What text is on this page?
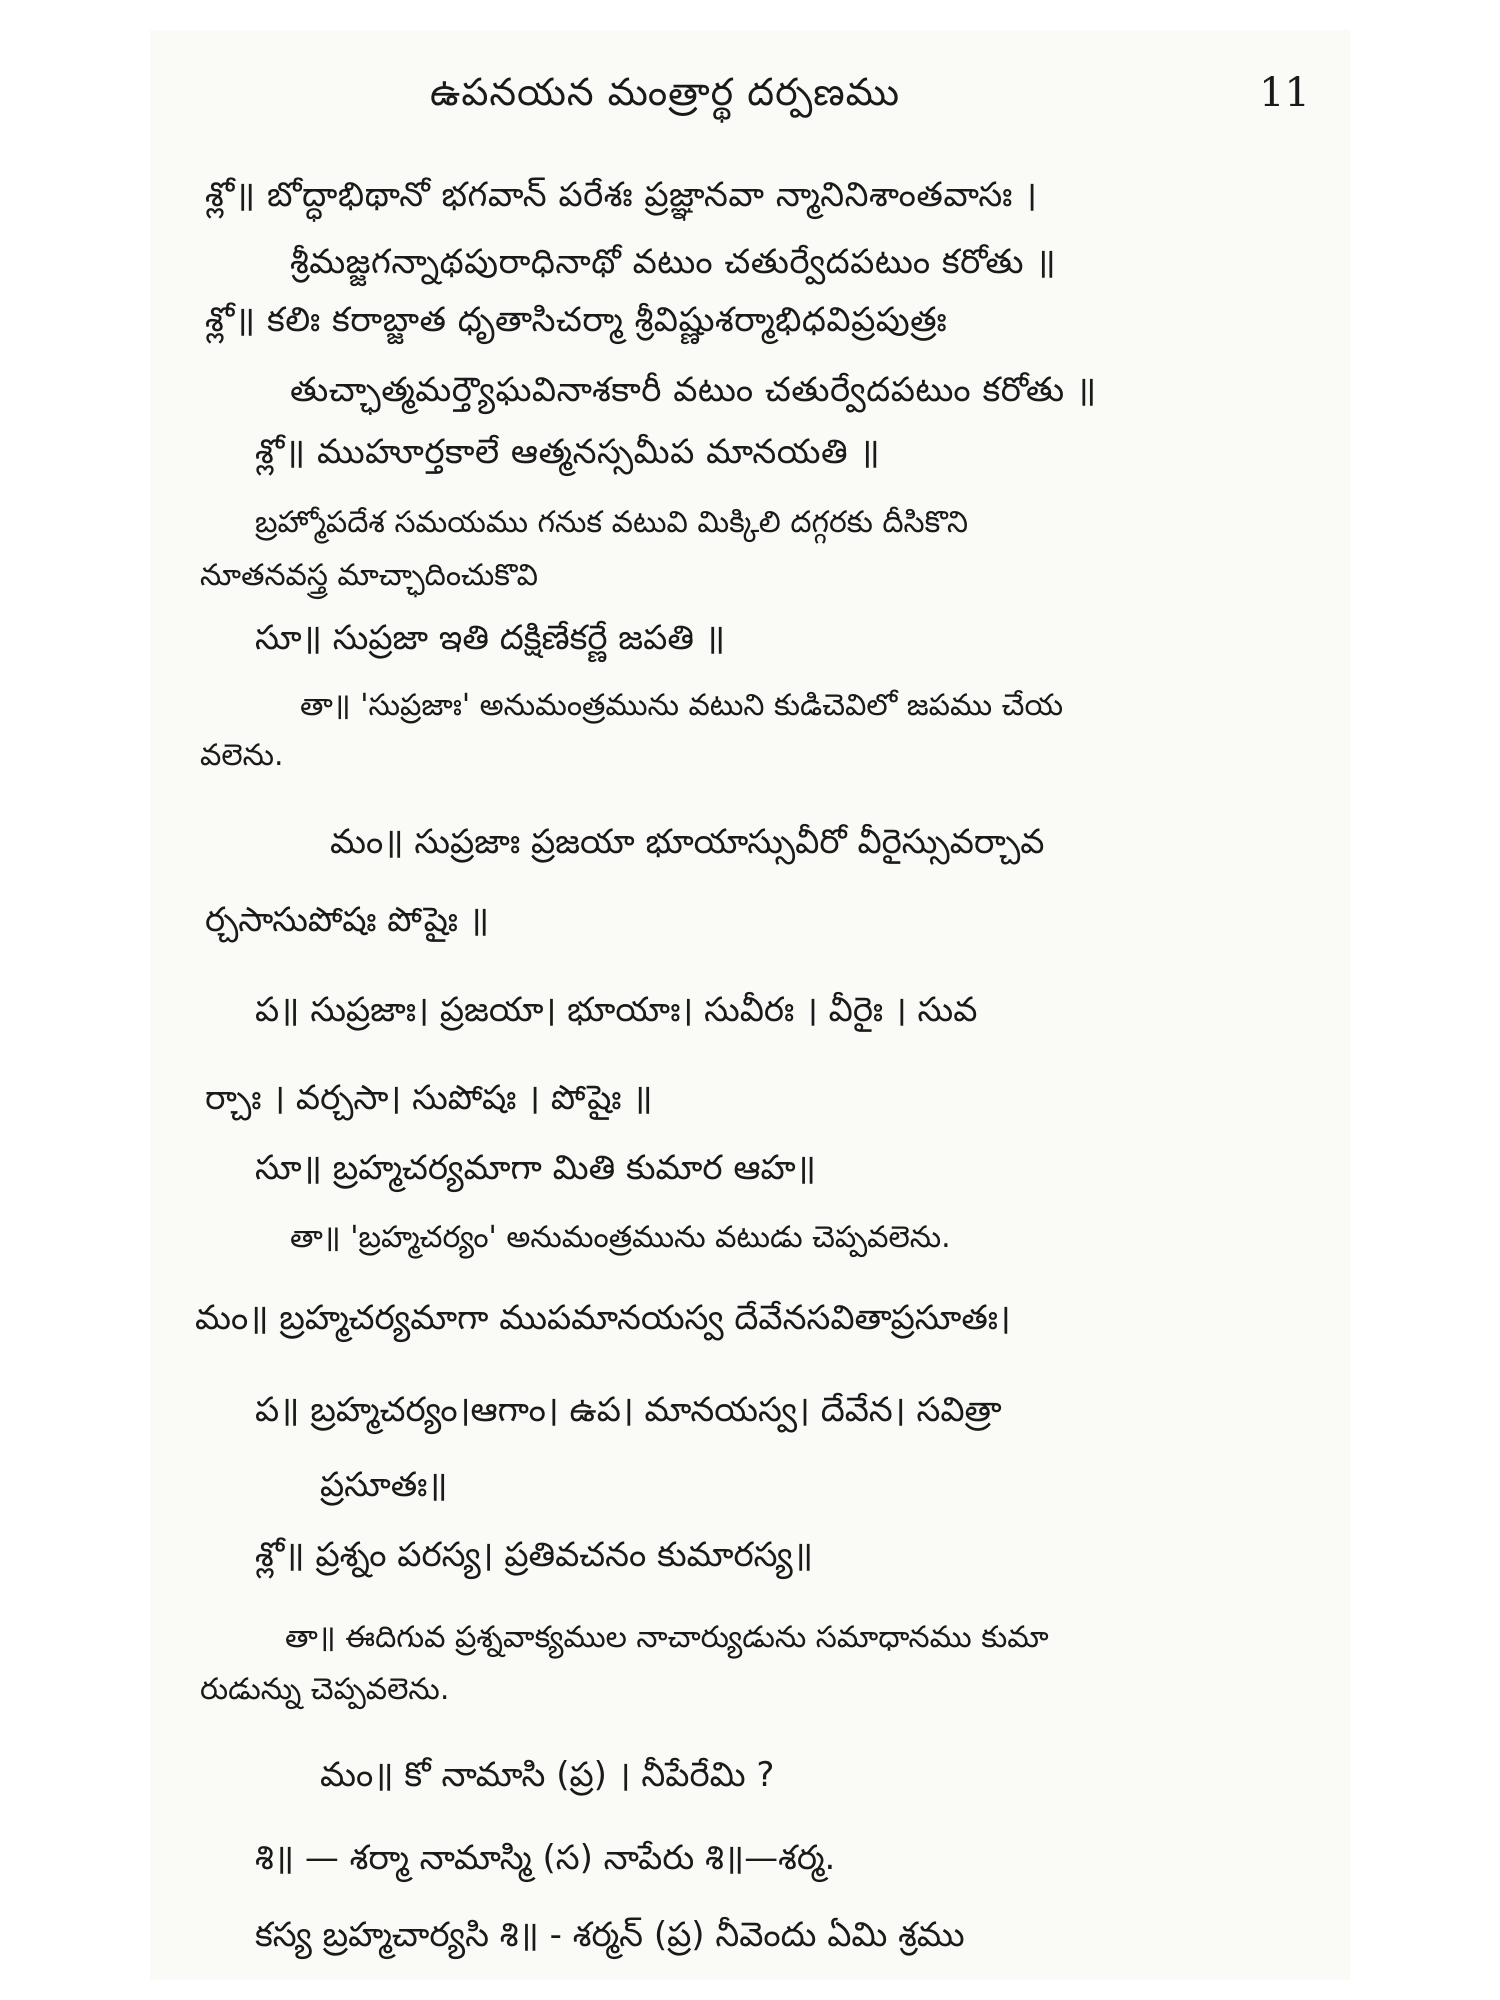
ఉపనయన మంత్రార్థ దర్పణము	11
శ్లో॥ బోద్ధాభిథానో భగవాన్ పరేశః ప్రజ్ఞానవా న్మానినిశాంతవాసః ।
శ్రీమజ్జగన్నాథపురాధినాథో వటుం చతుర్వేదపటుం కరోతు ॥
శ్లో॥ కలిః కరాబ్జాత ధృతాసిచర్మా శ్రీవిష్ణుశర్మాభిధవిప్రపుత్రః
తుచ్ఛాత్మమర్త్యౌఘవినాశకారీ వటుం చతుర్వేదపటుం కరోతు ॥
శ్లో॥ ముహూర్తకాలే ఆత్మనస్సమీప మానయతి ॥
బ్రహ్మోపదేశ సమయము గనుక వటువి మిక్కిలి దగ్గరకు దీసికొని
నూతనవస్త్ర మాచ్ఛాదించుకొవి
సూ॥ సుప్రజా ఇతి దక్షిణేకర్ణే జపతి ॥
తా॥ 'సుప్రజాః' అనుమంత్రమును వటుని కుడిచెవిలో జపము చేయ
వలెను.
మం॥ సుప్రజాః ప్రజయా భూయాస్సువీరో వీరైస్సువర్చావ
ర్చసాసుపోషః పోషైః ॥
ప॥ సుప్రజాః। ప్రజయా। భూయాః। సువీరః । వీరైః । సువ
ర్చాః । వర్చసా। సుపోషః । పోషైః ॥
సూ॥ బ్రహ్మచర్యమాగా మితి కుమార ఆహ॥
తా॥ 'బ్రహ్మచర్యం' అనుమంత్రమును వటుడు చెప్పవలెను.
మం॥ బ్రహ్మచర్యమాగా ముపమానయస్వ దేవేనసవితాప్రసూతః।
ప॥ బ్రహ్మచర్యం।ఆగాం। ఉప। మానయస్వ। దేవేన। సవిత్రా
ప్రసూతః॥
శ్లో॥ ప్రశ్నం పరస్య। ప్రతివచనం కుమారస్య॥
తా॥ ఈదిగువ ప్రశ్నవాక్యముల నాచార్యుడును సమాధానము కుమా
రుడున్ను చెప్పవలెను.
మం॥ కో నామాసి (ప్ర) । నీపేరేమి ?
శి॥ — శర్మా నామాస్మి (స) నాపేరు శి॥—శర్మ.
కస్య బ్రహ్మచార్యసి శి॥ - శర్మన్ (ప్ర) నీవెందు ఏమి శ్రము
